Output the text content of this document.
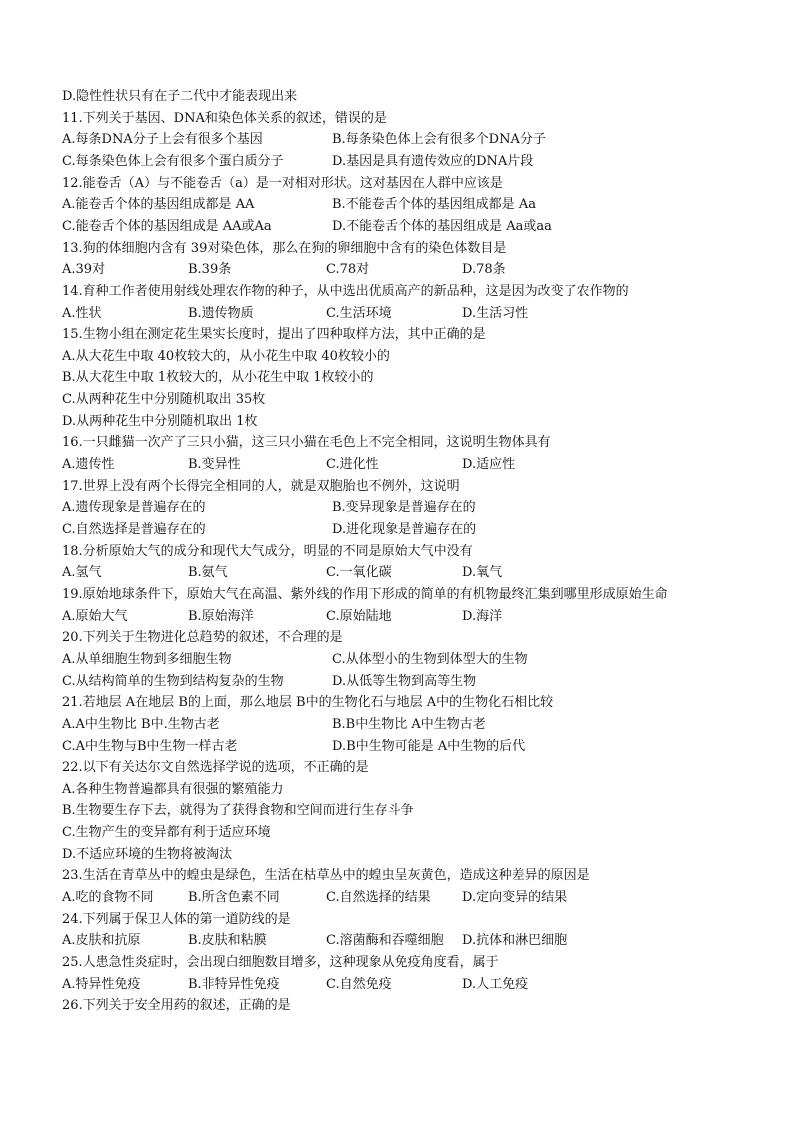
D.隐性性状只有在子二代中才能表现出来
11.下列关于基因、DNA和染色体关系的叙述，错误的是
A.每条DNA分子上会有很多个基因	B.每条染色体上会有很多个DNA分子
C.每条染色体上会有很多个蛋白质分子	D.基因是具有遗传效应的DNA片段
12.能卷舌（A）与不能卷舌（a）是一对相对形状。这对基因在人群中应该是
A.能卷舌个体的基因组成都是 AA	B.不能卷舌个体的基因组成都是 Aa
C.能卷舌个体的基因组成是 AA或Aa	D.不能卷舌个体的基因组成是 Aa或aa
13.狗的体细胞内含有 39对染色体，那么在狗的卵细胞中含有的染色体数目是
A.39对	B.39条	C.78对	D.78条
14.育种工作者使用射线处理农作物的种子，从中选出优质高产的新品种，这是因为改变了农作物的
A.性状	B.遗传物质	C.生活环境	D.生活习性
15.生物小组在测定花生果实长度时，提出了四种取样方法，其中正确的是
A.从大花生中取 40枚较大的，从小花生中取 40枚较小的
B.从大花生中取 1枚较大的，从小花生中取 1枚较小的
C.从两种花生中分别随机取出 35枚
D.从两种花生中分别随机取出 1枚
16.一只雌猫一次产了三只小猫，这三只小猫在毛色上不完全相同，这说明生物体具有
A.遗传性	B.变异性	C.进化性	D.适应性
17.世界上没有两个长得完全相同的人，就是双胞胎也不例外，这说明
A.遗传现象是普遍存在的	B.变异现象是普遍存在的
C.自然选择是普遍存在的	D.进化现象是普遍存在的
18.分析原始大气的成分和现代大气成分，明显的不同是原始大气中没有
A.氢气	B.氨气	C.一氧化碳	D.氧气
19.原始地球条件下，原始大气在高温、紫外线的作用下形成的简单的有机物最终汇集到哪里形成原始生命
A.原始大气	B.原始海洋	C.原始陆地	D.海洋
20.下列关于生物进化总趋势的叙述，不合理的是
A.从单细胞生物到多细胞生物	C.从体型小的生物到体型大的生物
C.从结构简单的生物到结构复杂的生物	D.从低等生物到高等生物
21.若地层 A在地层 B的上面，那么地层 B中的生物化石与地层 A中的生物化石相比较
A.A中生物比 B中.生物古老	B.B中生物比 A中生物古老
C.A中生物与B中生物一样古老	D.B中生物可能是 A中生物的后代
22.以下有关达尔文自然选择学说的选项，不正确的是
A.各种生物普遍都具有很强的繁殖能力
B.生物要生存下去，就得为了获得食物和空间而进行生存斗争
C.生物产生的变异都有利于适应环境
D.不适应环境的生物将被淘汰
23.生活在青草丛中的蝗虫是绿色，生活在枯草丛中的蝗虫呈灰黄色，造成这种差异的原因是
A.吃的食物不同	B.所含色素不同	C.自然选择的结果 D.定向变异的结果
24.下列属于保卫人体的第一道防线的是
A.皮肤和抗原	B.皮肤和粘膜	C.溶菌酶和吞噬细胞 D.抗体和淋巴细胞
25.人患急性炎症时，会出现白细胞数目增多，这种现象从免疫角度看，属于
A.特异性免疫	B.非特异性免疫	C.自然免疫	D.人工免疫
26.下列关于安全用药的叙述，正确的是
